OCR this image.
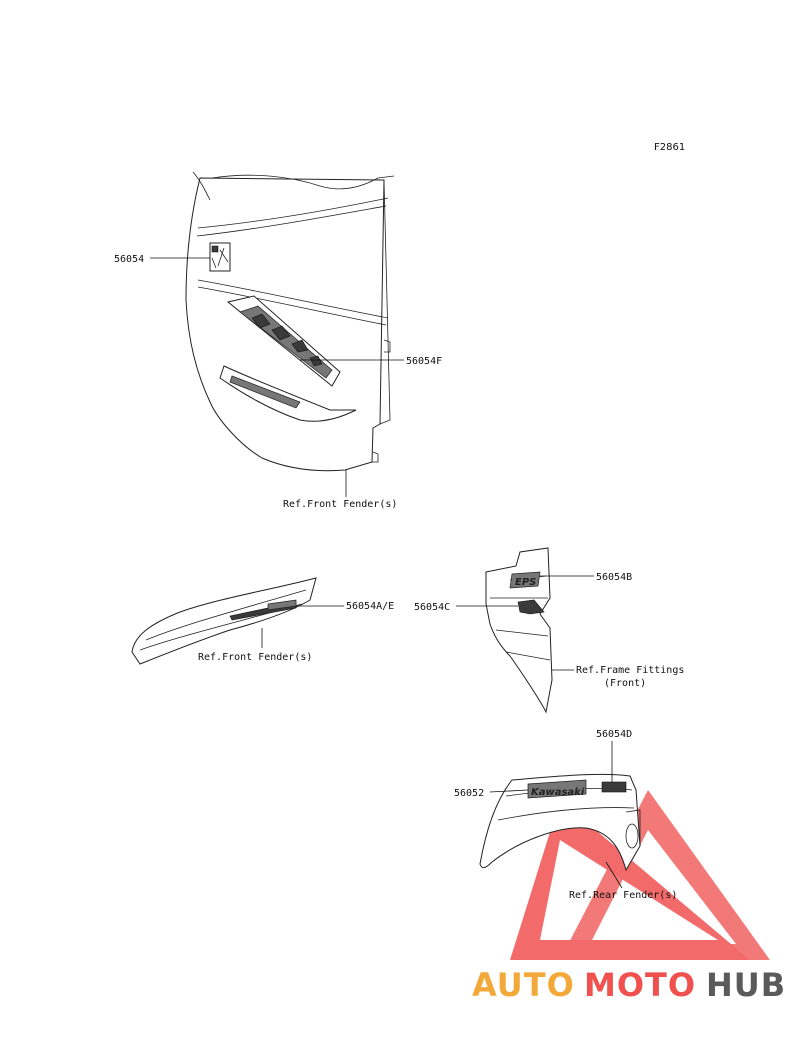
F2861
56054
56054F
Ref.Front Fender(s)
56054A/E
Ref.Front Fender(s)
EPS	56054B
56054C
Ref.Frame Fittings
(Front)
Kawasaki
56054D
56052
Ref.Rear Fender(s)
AUTO MOTO HUB
